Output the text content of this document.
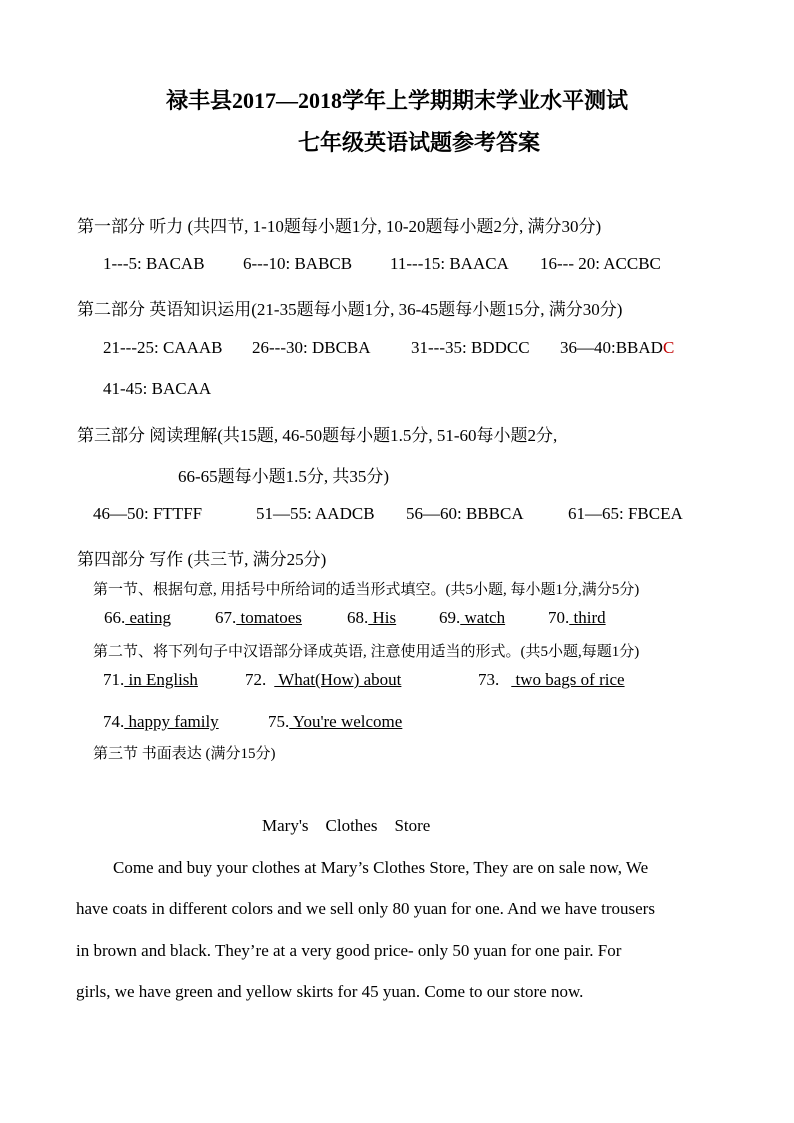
禄丰县2017—2018学年上学期期末学业水平测试
七年级英语试题参考答案
第一部分 听力 (共四节, 1-10题每小题1分, 10-20题每小题2分, 满分30分)
1---5: BACAB 6---10: BABCB 11---15: BAACA 16--- 20: ACCBC
第二部分 英语知识运用(21-35题每小题1分, 36-45题每小题15分, 满分30分)
21---25: CAAAB 26---30: DBCBA 31---35: BDDCC 36—40:BBADC
41-45: BACAA
第三部分 阅读理解(共15题, 46-50题每小题1.5分, 51-60每小题2分,
66-65题每小题1.5分, 共35分)
46—50: FTTFF	51—55: AADCB 56—60: BBBCA	61—65: FBCEA
第四部分 写作 (共三节, 满分25分)
第一节、根据句意, 用括号中所给词的适当形式填空。(共5小题, 每小题1分,满分5分)
66. eating	67. tomatoes	68. His	69. watch	70. third
第二节、将下列句子中汉语部分译成英语, 注意使用适当的形式。(共5小题,每题1分)
71. in English	72. What(How) about	73. two bags of rice
74. happy family	75. You're welcome
第三节 书面表达 (满分15分)
Mary's    Clothes    Store
Come and buy your clothes at Mary’s Clothes Store, They are on sale now, We
have coats in different colors and we sell only 80 yuan for one. And we have trousers
in brown and black. They’re at a very good price- only 50 yuan for one pair. For
girls, we have green and yellow skirts for 45 yuan. Come to our store now.
